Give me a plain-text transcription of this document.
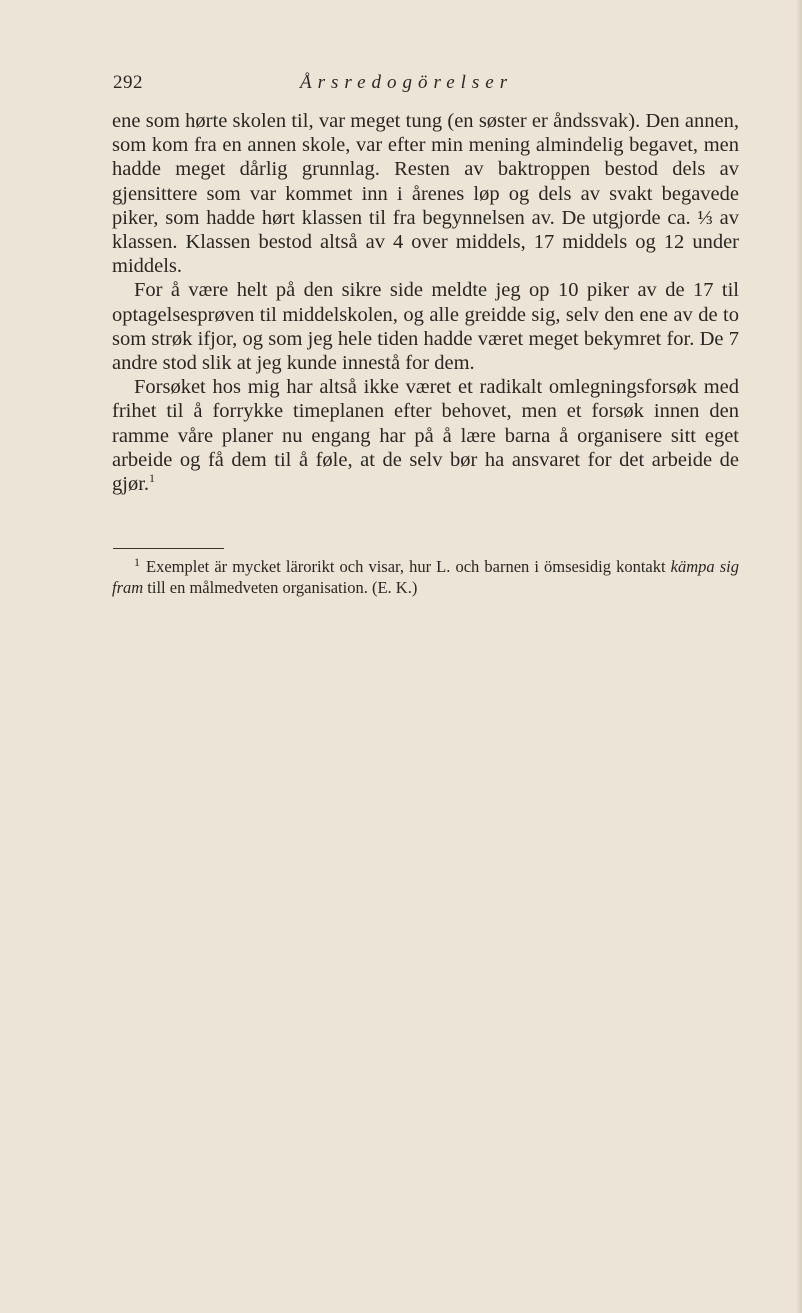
292	Årsredogörelser

ene som hørte skolen til, var meget tung (en søster er åndssvak). Den annen, som kom fra en annen skole, var efter min mening almindelig begavet, men hadde meget dårlig grunnlag. Resten av baktroppen bestod dels av gjensittere som var kommet inn i årenes løp og dels av svakt begavede piker, som hadde hørt klassen til fra begynnelsen av. De utgjorde ca. ⅓ av klassen. Klassen bestod altså av 4 over middels, 17 middels og 12 under middels.

For å være helt på den sikre side meldte jeg op 10 piker av de 17 til optagelsesprøven til middelskolen, og alle greidde sig, selv den ene av de to som strøk ifjor, og som jeg hele tiden hadde været meget bekymret for. De 7 andre stod slik at jeg kunde innestå for dem.

Forsøket hos mig har altså ikke været et radikalt omlegningsforsøk med frihet til å forrykke timeplanen efter behovet, men et forsøk innen den ramme våre planer nu engang har på å lære barna å organisere sitt eget arbeide og få dem til å føle, at de selv bør ha ansvaret for det arbeide de gjør.$^1$

$^1$ Exemplet är mycket lärorikt och visar, hur L. och barnen i ömsesidig kontakt kämpa sig fram till en målmedveten organisation. (E. K.)
